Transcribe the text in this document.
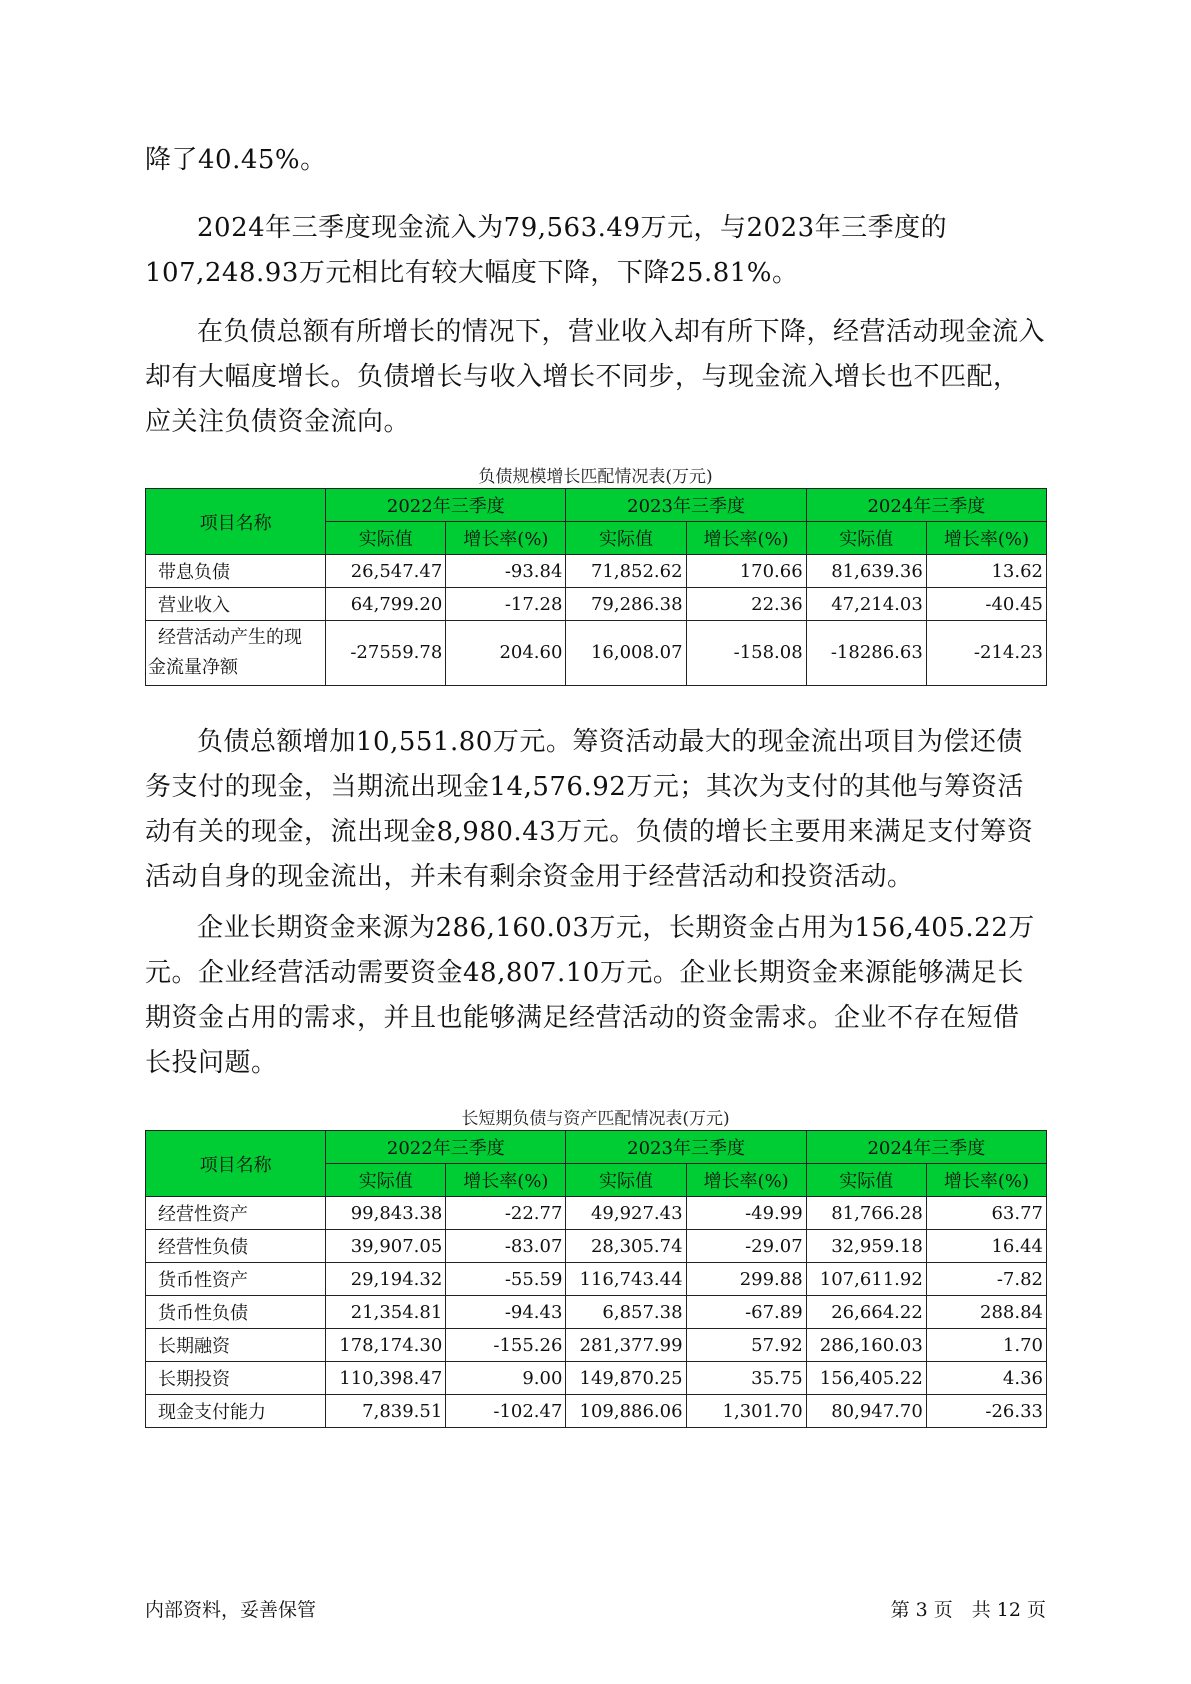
降了40.45%。

2024年三季度现金流入为79,563.49万元，与2023年三季度的107,248.93万元相比有较大幅度下降，下降25.81%。

在负债总额有所增长的情况下，营业收入却有所下降，经营活动现金流入却有大幅度增长。负债增长与收入增长不同步，与现金流入增长也不匹配，应关注负债资金流向。

负债规模增长匹配情况表(万元)
项目名称	2022年三季度		2023年三季度		2024年三季度	
	实际值	增长率(%)	实际值	增长率(%)	实际值	增长率(%)
带息负债	26,547.47	-93.84	71,852.62	170.66	81,639.36	13.62
营业收入	64,799.20	-17.28	79,286.38	22.36	47,214.03	-40.45

经营活动产生的现
金流量净额	-27559.78	204.60	16,008.07	-158.08	-18286.63	-214.23

负债总额增加10,551.80万元。筹资活动最大的现金流出项目为偿还债务支付的现金，当期流出现金14,576.92万元；其次为支付的其他与筹资活动有关的现金，流出现金8,980.43万元。负债的增长主要用来满足支付筹资活动自身的现金流出，并未有剩余资金用于经营活动和投资活动。

企业长期资金来源为286,160.03万元，长期资金占用为156,405.22万元。企业经营活动需要资金48,807.10万元。企业长期资金来源能够满足长期资金占用的需求，并且也能够满足经营活动的资金需求。企业不存在短借长投问题。

长短期负债与资产匹配情况表(万元)
项目名称	2022年三季度		2023年三季度		2024年三季度	
	实际值	增长率(%)	实际值	增长率(%)	实际值	增长率(%)
经营性资产	99,843.38	-22.77	49,927.43	-49.99	81,766.28	63.77
经营性负债	39,907.05	-83.07	28,305.74	-29.07	32,959.18	16.44
货币性资产	29,194.32	-55.59	116,743.44	299.88	107,611.92	-7.82
货币性负债	21,354.81	-94.43	6,857.38	-67.89	26,664.22	288.84
长期融资	178,174.30	-155.26	281,377.99	57.92	286,160.03	1.70
长期投资	110,398.47	9.00	149,870.25	35.75	156,405.22	4.36
现金支付能力	7,839.51	-102.47	109,886.06	1,301.70	80,947.70	-26.33
内部资料，妥善保管	第 3 页　共 12 页
